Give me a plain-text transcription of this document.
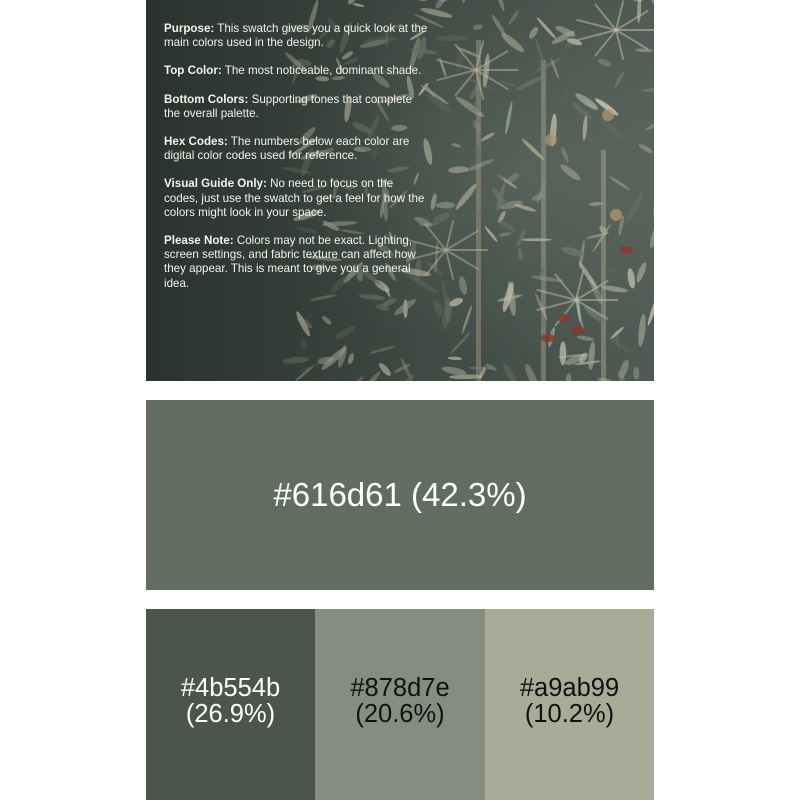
Purpose: This swatch gives you a quick look at the main colors used in the design.

Top Color: The most noticeable, dominant shade.

Bottom Colors: Supporting tones that complete the overall palette.

Hex Codes: The numbers below each color are digital color codes used for reference.

Visual Guide Only: No need to focus on the codes, just use the swatch to get a feel for how the colors might look in your space.

Please Note: Colors may not be exact. Lighting, screen settings, and fabric texture can affect how they appear. This is meant to give you a general idea.

#616d61 (42.3%)
#4b554b
(26.9%)
#878d7e
(20.6%)
#a9ab99
(10.2%)
